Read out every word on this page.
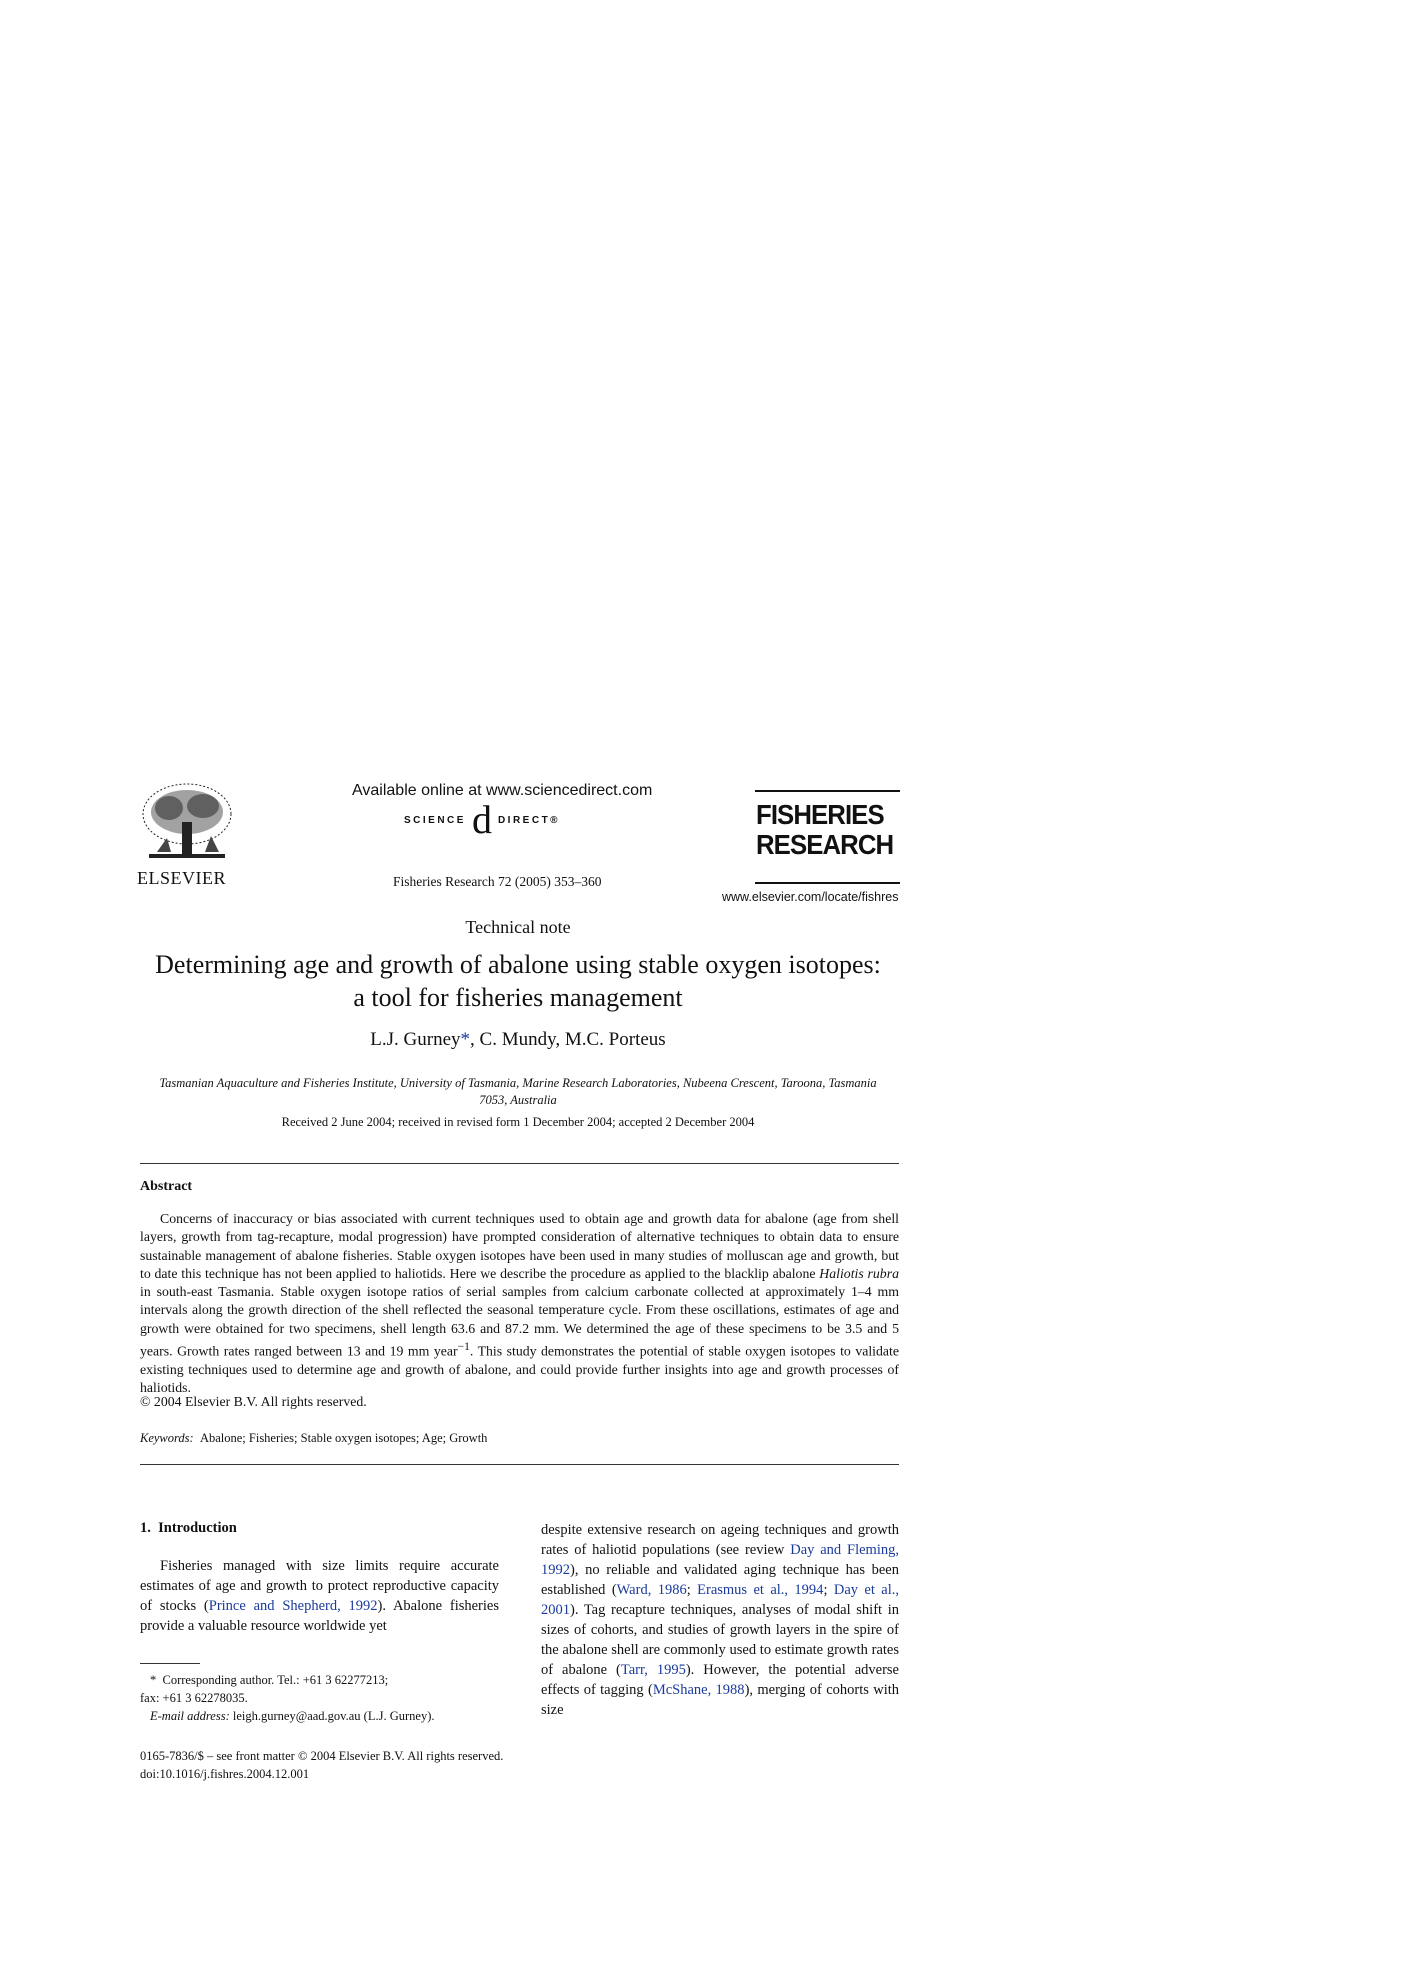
ELSEVIER
Available online at www.sciencedirect.com
SCIENCE d DIRECT®
Fisheries Research 72 (2005) 353–360
FISHERIES
RESEARCH
www.elsevier.com/locate/fishres
Technical note
Determining age and growth of abalone using stable oxygen isotopes: a tool for fisheries management
L.J. Gurney*, C. Mundy, M.C. Porteus
Tasmanian Aquaculture and Fisheries Institute, University of Tasmania, Marine Research Laboratories, Nubeena Crescent, Taroona, Tasmania 7053, Australia
Received 2 June 2004; received in revised form 1 December 2004; accepted 2 December 2004
Abstract
Concerns of inaccuracy or bias associated with current techniques used to obtain age and growth data for abalone (age from shell layers, growth from tag-recapture, modal progression) have prompted consideration of alternative techniques to obtain data to ensure sustainable management of abalone fisheries. Stable oxygen isotopes have been used in many studies of molluscan age and growth, but to date this technique has not been applied to haliotids. Here we describe the procedure as applied to the blacklip abalone Haliotis rubra in south-east Tasmania. Stable oxygen isotope ratios of serial samples from calcium carbonate collected at approximately 1–4 mm intervals along the growth direction of the shell reflected the seasonal temperature cycle. From these oscillations, estimates of age and growth were obtained for two specimens, shell length 63.6 and 87.2 mm. We determined the age of these specimens to be 3.5 and 5 years. Growth rates ranged between 13 and 19 mm year$^{-1}$. This study demonstrates the potential of stable oxygen isotopes to validate existing techniques used to determine age and growth of abalone, and could provide further insights into age and growth processes of haliotids.
© 2004 Elsevier B.V. All rights reserved.
Keywords: Abalone; Fisheries; Stable oxygen isotopes; Age; Growth
1.  Introduction
Fisheries managed with size limits require accurate estimates of age and growth to protect reproductive capacity of stocks (Prince and Shepherd, 1992). Abalone fisheries provide a valuable resource worldwide yet
despite extensive research on ageing techniques and growth rates of haliotid populations (see review Day and Fleming, 1992), no reliable and validated aging technique has been established (Ward, 1986; Erasmus et al., 1994; Day et al., 2001). Tag recapture techniques, analyses of modal shift in sizes of cohorts, and studies of growth layers in the spire of the abalone shell are commonly used to estimate growth rates of abalone (Tarr, 1995). However, the potential adverse effects of tagging (McShane, 1988), merging of cohorts with size
* Corresponding author. Tel.: +61 3 62277213;
fax: +61 3 62278035.
E-mail address: leigh.gurney@aad.gov.au (L.J. Gurney).
0165-7836/$ – see front matter © 2004 Elsevier B.V. All rights reserved.
doi:10.1016/j.fishres.2004.12.001
